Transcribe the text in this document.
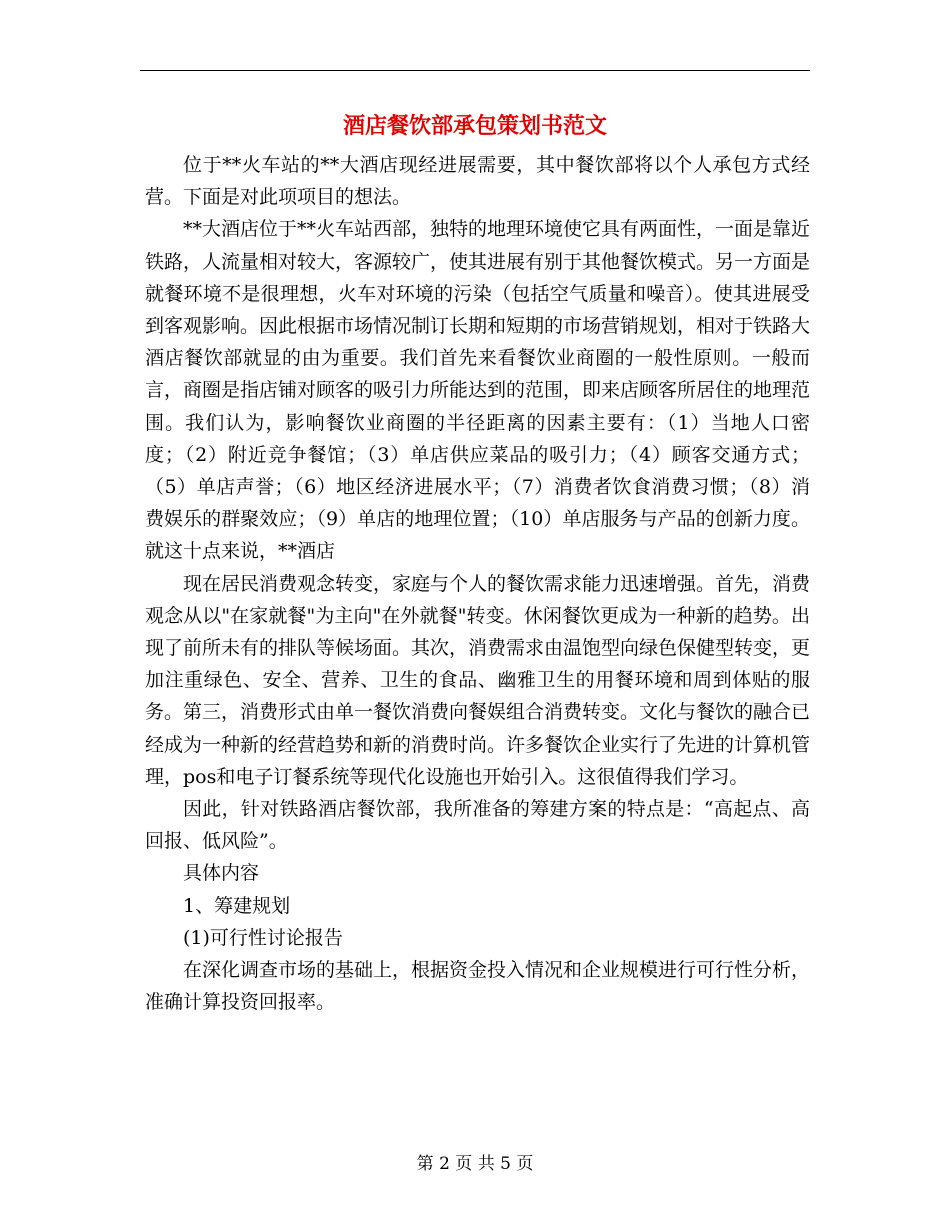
酒店餐饮部承包策划书范文

位于**火车站的**大酒店现经进展需要，其中餐饮部将以个人承包方式经营。下面是对此项项目的想法。

**大酒店位于**火车站西部，独特的地理环境使它具有两面性，一面是靠近铁路，人流量相对较大，客源较广，使其进展有别于其他餐饮模式。另一方面是就餐环境不是很理想，火车对环境的污染（包括空气质量和噪音）。使其进展受到客观影响。因此根据市场情况制订长期和短期的市场营销规划，相对于铁路大酒店餐饮部就显的由为重要。我们首先来看餐饮业商圈的一般性原则。一般而言，商圈是指店铺对顾客的吸引力所能达到的范围，即来店顾客所居住的地理范围。我们认为，影响餐饮业商圈的半径距离的因素主要有：（1）当地人口密度；（2）附近竞争餐馆；（3）单店供应菜品的吸引力；（4）顾客交通方式；（5）单店声誉；（6）地区经济进展水平；（7）消费者饮食消费习惯；（8）消费娱乐的群聚效应；（9）单店的地理位置；（10）单店服务与产品的创新力度。就这十点来说，**酒店

现在居民消费观念转变，家庭与个人的餐饮需求能力迅速增强。首先，消费观念从以"在家就餐"为主向"在外就餐"转变。休闲餐饮更成为一种新的趋势。出现了前所未有的排队等候场面。其次，消费需求由温饱型向绿色保健型转变，更加注重绿色、安全、营养、卫生的食品、幽雅卫生的用餐环境和周到体贴的服务。第三，消费形式由单一餐饮消费向餐娱组合消费转变。文化与餐饮的融合已经成为一种新的经营趋势和新的消费时尚。许多餐饮企业实行了先进的计算机管理，pos和电子订餐系统等现代化设施也开始引入。这很值得我们学习。

因此，针对铁路酒店餐饮部，我所准备的筹建方案的特点是：“高起点、高回报、低风险”。

具体内容

1、筹建规划

(1)可行性讨论报告

在深化调查市场的基础上，根据资金投入情况和企业规模进行可行性分析，准确计算投资回报率。

第 2 页 共 5 页
